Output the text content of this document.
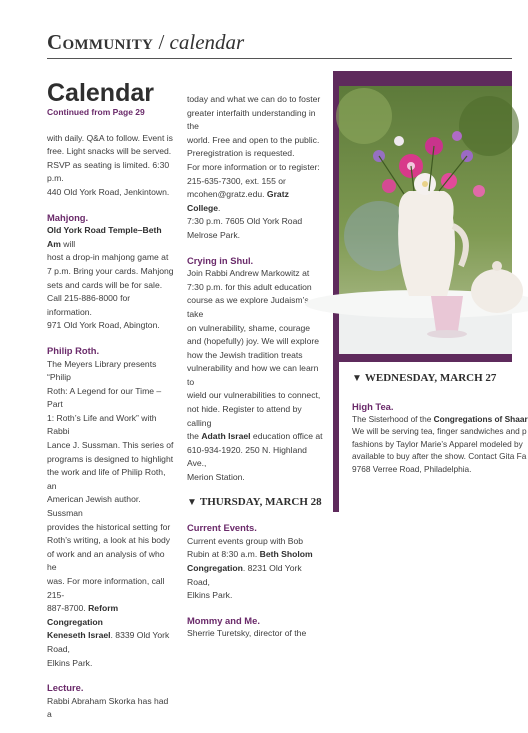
Community / calendar
Calendar
Continued from Page 29

with daily. Q&A to follow. Event is
free. Light snacks will be served.
RSVP as seating is limited. 6:30 p.m.
440 Old York Road, Jenkintown.

Mahjong.

Old York Road Temple–Beth Am will
host a drop-in mahjong game at
7 p.m. Bring your cards. Mahjong
sets and cards will be for sale.
Call 215-886-8000 for information.
971 Old York Road, Abington.

Philip Roth.

The Meyers Library presents “Philip
Roth: A Legend for our Time – Part
1: Roth’s Life and Work” with Rabbi
Lance J. Sussman. This series of
programs is designed to highlight
the work and life of Philip Roth, an
American Jewish author. Sussman
provides the historical setting for
Roth’s writing, a look at his body
of work and an analysis of who he
was. For more information, call 215-
887-8700. Reform Congregation
Keneseth Israel. 8339 Old York Road,
Elkins Park.

Lecture.

Rabbi Abraham Skorka has had a

today and what we can do to foster
greater interfaith understanding in the
world. Free and open to the public.
Preregistration is requested.
For more information or to register:
215-635-7300, ext. 155 or
mcohen@gratz.edu. Gratz College.
7:30 p.m. 7605 Old York Road
Melrose Park.

Crying in Shul.

Join Rabbi Andrew Markowitz at
7:30 p.m. for this adult education
course as we explore Judaism’s take
on vulnerability, shame, courage
and (hopefully) joy. We will explore
how the Jewish tradition treats
vulnerability and how we can learn to
wield our vulnerabilities to connect,
not hide. Register to attend by calling
the Adath Israel education office at
610-934-1920. 250 N. Highland Ave.,
Merion Station.

▼ THURSDAY, MARCH 28
Current Events.

Current events group with Bob
Rubin at 8:30 a.m. Beth Sholom
Congregation. 8231 Old York Road,
Elkins Park.

Mommy and Me.

Sherrie Turetsky, director of the

▼ WEDNESDAY, MARCH 27
High Tea.
The Sisterhood of the Congregations of Shaar
We will be serving tea, finger sandwiches and p
fashions by Taylor Marie’s Apparel modeled by
available to buy after the show. Contact Gita Fa
9768 Verree Road, Philadelphia.
